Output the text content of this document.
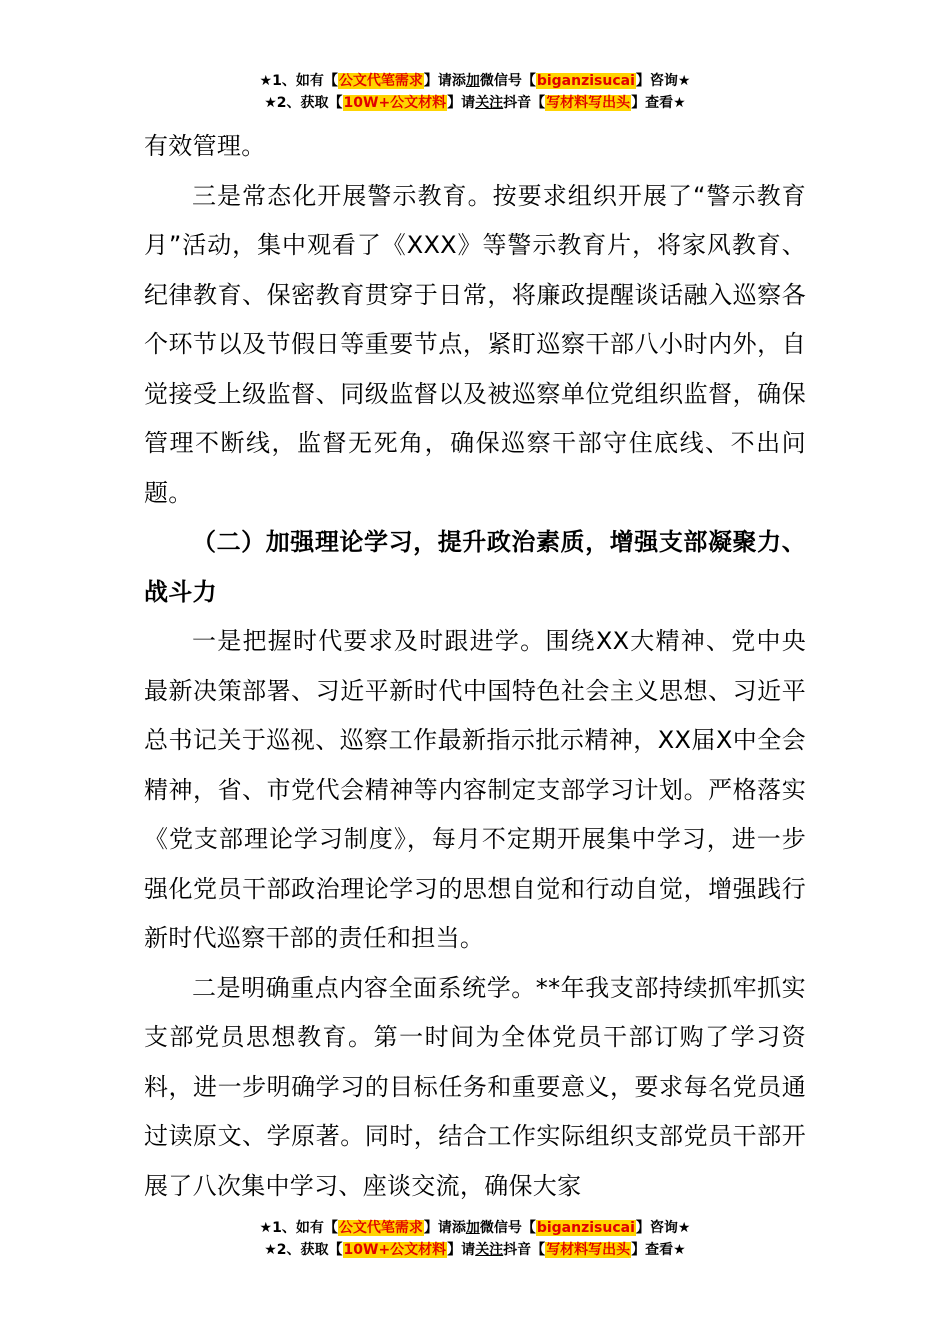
★1、如有【公文代笔需求】请添加微信号【biganzisucai】咨询★
★2、获取【10W+公文材料】请关注抖音【写材料写出头】查看★

有效管理。

三是常态化开展警示教育。按要求组织开展了“警示教育月”活动，集中观看了《XXX》等警示教育片，将家风教育、纪律教育、保密教育贯穿于日常，将廉政提醒谈话融入巡察各个环节以及节假日等重要节点，紧盯巡察干部八小时内外，自觉接受上级监督、同级监督以及被巡察单位党组织监督，确保管理不断线，监督无死角，确保巡察干部守住底线、不出问题。

（二）加强理论学习，提升政治素质，增强支部凝聚力、战斗力

一是把握时代要求及时跟进学。围绕XX大精神、党中央最新决策部署、习近平新时代中国特色社会主义思想、习近平总书记关于巡视、巡察工作最新指示批示精神，XX届X中全会精神，省、市党代会精神等内容制定支部学习计划。严格落实《党支部理论学习制度》，每月不定期开展集中学习，进一步强化党员干部政治理论学习的思想自觉和行动自觉，增强践行新时代巡察干部的责任和担当。

二是明确重点内容全面系统学。**年我支部持续抓牢抓实支部党员思想教育。第一时间为全体党员干部订购了学习资料，进一步明确学习的目标任务和重要意义，要求每名党员通过读原文、学原著。同时，结合工作实际组织支部党员干部开展了八次集中学习、座谈交流，确保大家

★1、如有【公文代笔需求】请添加微信号【biganzisucai】咨询★
★2、获取【10W+公文材料】请关注抖音【写材料写出头】查看★
